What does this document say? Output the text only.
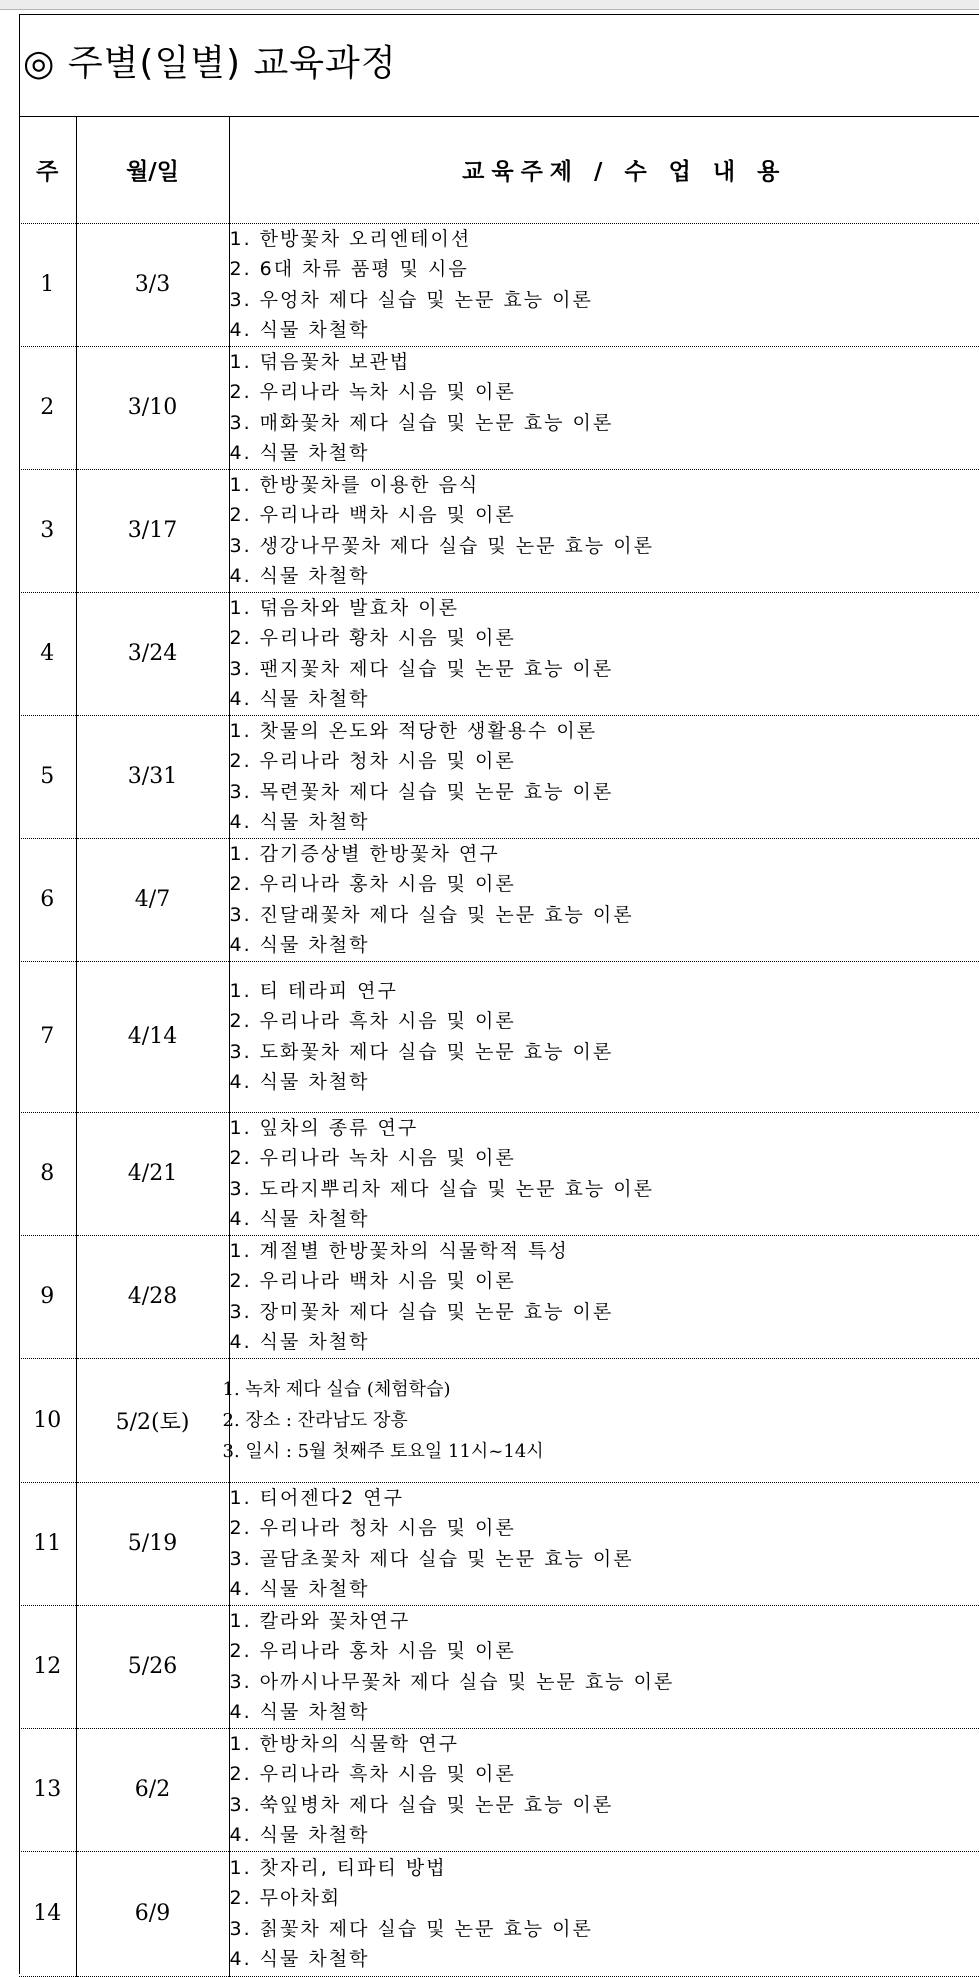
◎ 주별(일별) 교육과정
주	월/일	교육주제 / 수 업 내 용
1	3/3	1. 한방꽃차 오리엔테이션
2. 6대 차류 품평 및 시음
3. 우엉차 제다 실습 및 논문 효능 이론
4. 식물 차철학

2	3/10	1. 덖음꽃차 보관법
2. 우리나라 녹차 시음 및 이론
3. 매화꽃차 제다 실습 및 논문 효능 이론
4. 식물 차철학

3	3/17	1. 한방꽃차를 이용한 음식
2. 우리나라 백차 시음 및 이론
3. 생강나무꽃차 제다 실습 및 논문 효능 이론
4. 식물 차철학

4	3/24	1. 덖음차와 발효차 이론
2. 우리나라 황차 시음 및 이론
3. 팬지꽃차 제다 실습 및 논문 효능 이론
4. 식물 차철학

5	3/31	1. 찻물의 온도와 적당한 생활용수 이론
2. 우리나라 청차 시음 및 이론
3. 목련꽃차 제다 실습 및 논문 효능 이론
4. 식물 차철학

6	4/7	1. 감기증상별 한방꽃차 연구
2. 우리나라 홍차 시음 및 이론
3. 진달래꽃차 제다 실습 및 논문 효능 이론
4. 식물 차철학

7	4/14	1. 티 테라피 연구
2. 우리나라 흑차 시음 및 이론
3. 도화꽃차 제다 실습 및 논문 효능 이론
4. 식물 차철학

8	4/21	1. 잎차의 종류 연구
2. 우리나라 녹차 시음 및 이론
3. 도라지뿌리차 제다 실습 및 논문 효능 이론
4. 식물 차철학

9	4/28	1. 계절별 한방꽃차의 식물학적 특성
2. 우리나라 백차 시음 및 이론
3. 장미꽃차 제다 실습 및 논문 효능 이론
4. 식물 차철학

10	5/2(토)	1. 녹차 제다 실습 (체험학습)
2. 장소 : 잔라남도 장흥
3. 일시 : 5월 첫째주 토요일 11시~14시

11	5/19	1. 티어젠다2 연구
2. 우리나라 청차 시음 및 이론
3. 골담초꽃차 제다 실습 및 논문 효능 이론
4. 식물 차철학

12	5/26	1. 칼라와 꽃차연구
2. 우리나라 홍차 시음 및 이론
3. 아까시나무꽃차 제다 실습 및 논문 효능 이론
4. 식물 차철학

13	6/2	1. 한방차의 식물학 연구
2. 우리나라 흑차 시음 및 이론
3. 쑥잎병차 제다 실습 및 논문 효능 이론
4. 식물 차철학

14	6/9	1. 찻자리, 티파티 방법
2. 무아차회
3. 칡꽃차 제다 실습 및 논문 효능 이론
4. 식물 차철학
